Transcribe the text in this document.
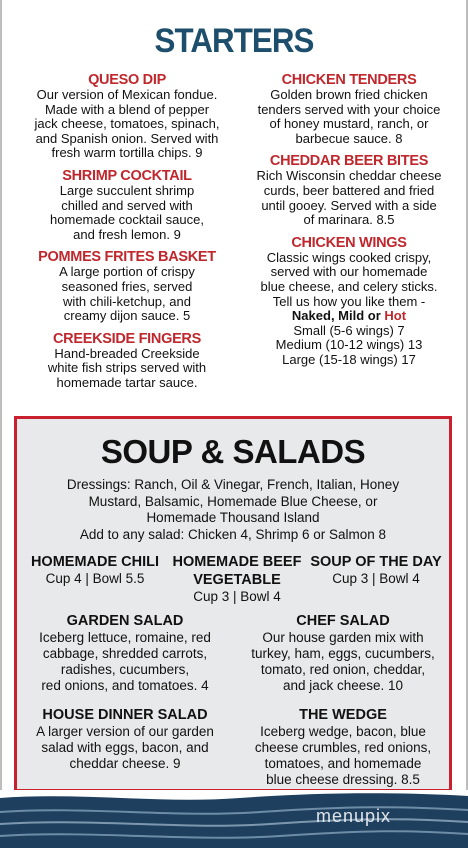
STARTERS
QUESO DIP

Our version of Mexican fondue.
Made with a blend of pepper
jack cheese, tomatoes, spinach,
and Spanish onion. Served with
fresh warm tortilla chips. 9

SHRIMP COCKTAIL

Large succulent shrimp
chilled and served with
homemade cocktail sauce,
and fresh lemon. 9

POMMES FRITES BASKET

A large portion of crispy
seasoned fries, served
with chili-ketchup, and
creamy dijon sauce. 5

CREEKSIDE FINGERS

Hand-breaded Creekside
white fish strips served with
homemade tartar sauce.

CHICKEN TENDERS

Golden brown fried chicken
tenders served with your choice
of honey mustard, ranch, or
barbecue sauce. 8

CHEDDAR BEER BITES

Rich Wisconsin cheddar cheese
curds, beer battered and fried
until gooey. Served with a side
of marinara. 8.5

CHICKEN WINGS

Classic wings cooked crispy,
served with our homemade
blue cheese, and celery sticks.
Tell us how you like them -

Naked, Mild or Hot
Small (5-6 wings) 7
Medium (10-12 wings) 13
Large (15-18 wings) 17
SOUP & SALADS
Dressings: Ranch, Oil & Vinegar, French, Italian, Honey
Mustard, Balsamic, Homemade Blue Cheese, or
Homemade Thousand Island
Add to any salad: Chicken 4, Shrimp 6 or Salmon 8
HOMEMADE CHILI
Cup 4 | Bowl 5.5
HOMEMADE BEEF VEGETABLE
Cup 3 | Bowl 4
SOUP OF THE DAY
Cup 3 | Bowl 4
GARDEN SALAD

Iceberg lettuce, romaine, red
cabbage, shredded carrots,
radishes, cucumbers,
red onions, and tomatoes. 4

CHEF SALAD

Our house garden mix with
turkey, ham, eggs, cucumbers,
tomato, red onion, cheddar,
and jack cheese. 10

HOUSE DINNER SALAD

A larger version of our garden
salad with eggs, bacon, and
cheddar cheese. 9

THE WEDGE

Iceberg wedge, bacon, blue
cheese crumbles, red onions,
tomatoes, and homemade
blue cheese dressing. 8.5

menupix
